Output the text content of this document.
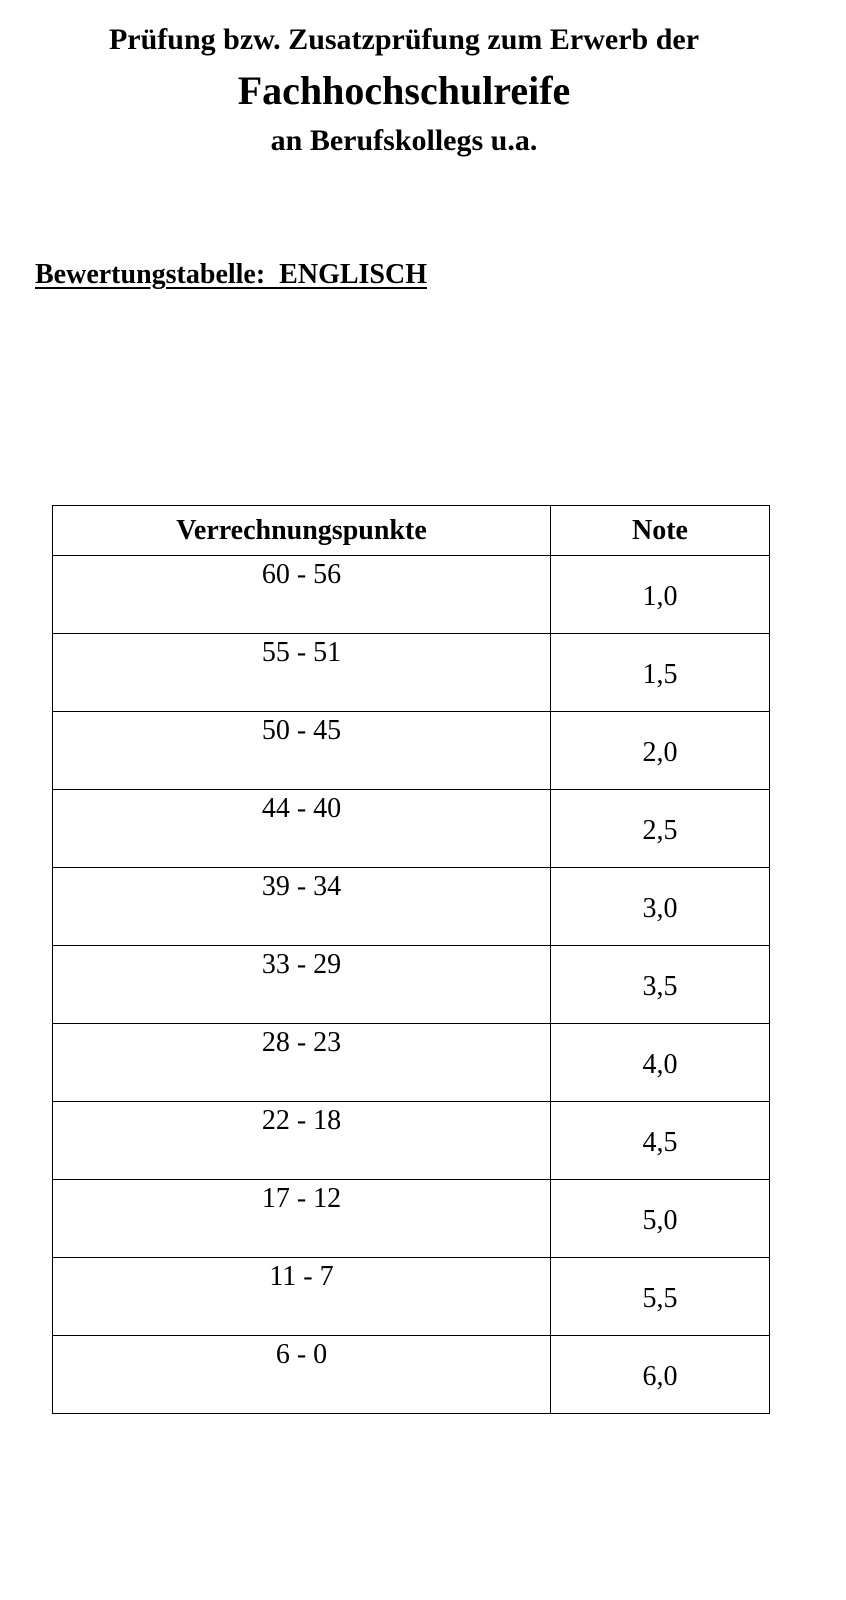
Prüfung bzw. Zusatzprüfung zum Erwerb der
Fachhochschulreife
an Berufskollegs u.a.
Bewertungstabelle:  ENGLISCH
Verrechnungspunkte	Note

60 - 56	1,0

55 - 51	1,5

50 - 45	2,0

44 - 40	2,5

39 - 34	3,0

33 - 29	3,5

28 - 23	4,0

22 - 18	4,5

17 - 12	5,0

11 - 7	5,5

6 - 0	6,0
